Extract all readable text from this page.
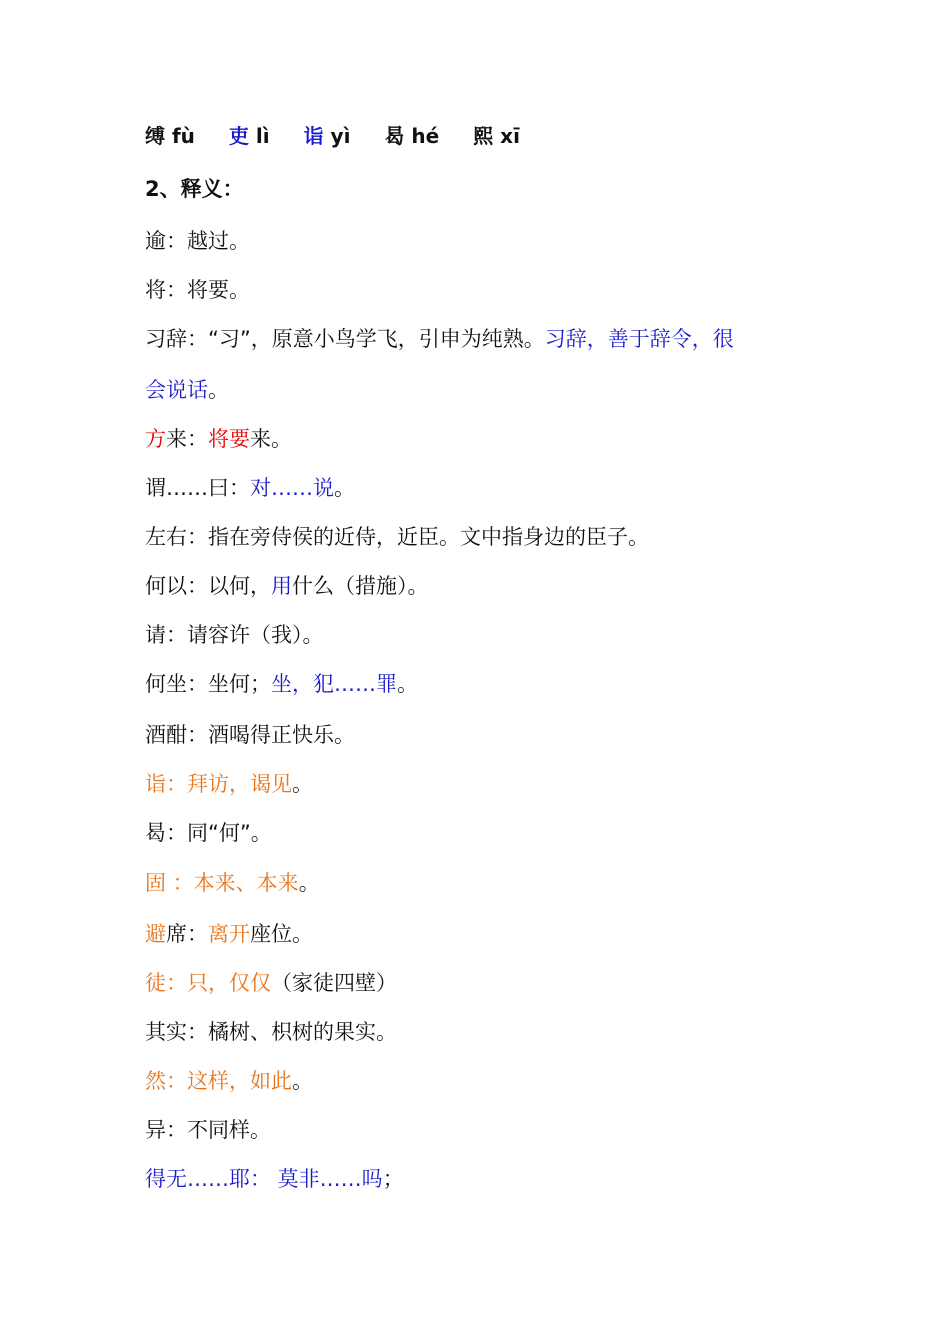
缚 fù 吏 lì 诣 yì 曷 hé 熙 xī
2、释义：
逾：越过。
将：将要。
习辞：“习”，原意小鸟学飞，引申为纯熟。习辞，善于辞令，很
会说话。
方来：将要来。
谓……曰：对……说。
左右：指在旁侍侯的近侍，近臣。文中指身边的臣子。
何以：以何，用什么（措施）。
请：请容许（我）。
何坐：坐何；坐，犯……罪。
酒酣：酒喝得正快乐。
诣：拜访，谒见。
曷：同“何”。
固 ：本来、本来。
避席：离开座位。
徒：只，仅仅（家徒四壁）
其实：橘树、枳树的果实。
然：这样，如此。
异：不同样。
得无……耶： 莫非……吗；
